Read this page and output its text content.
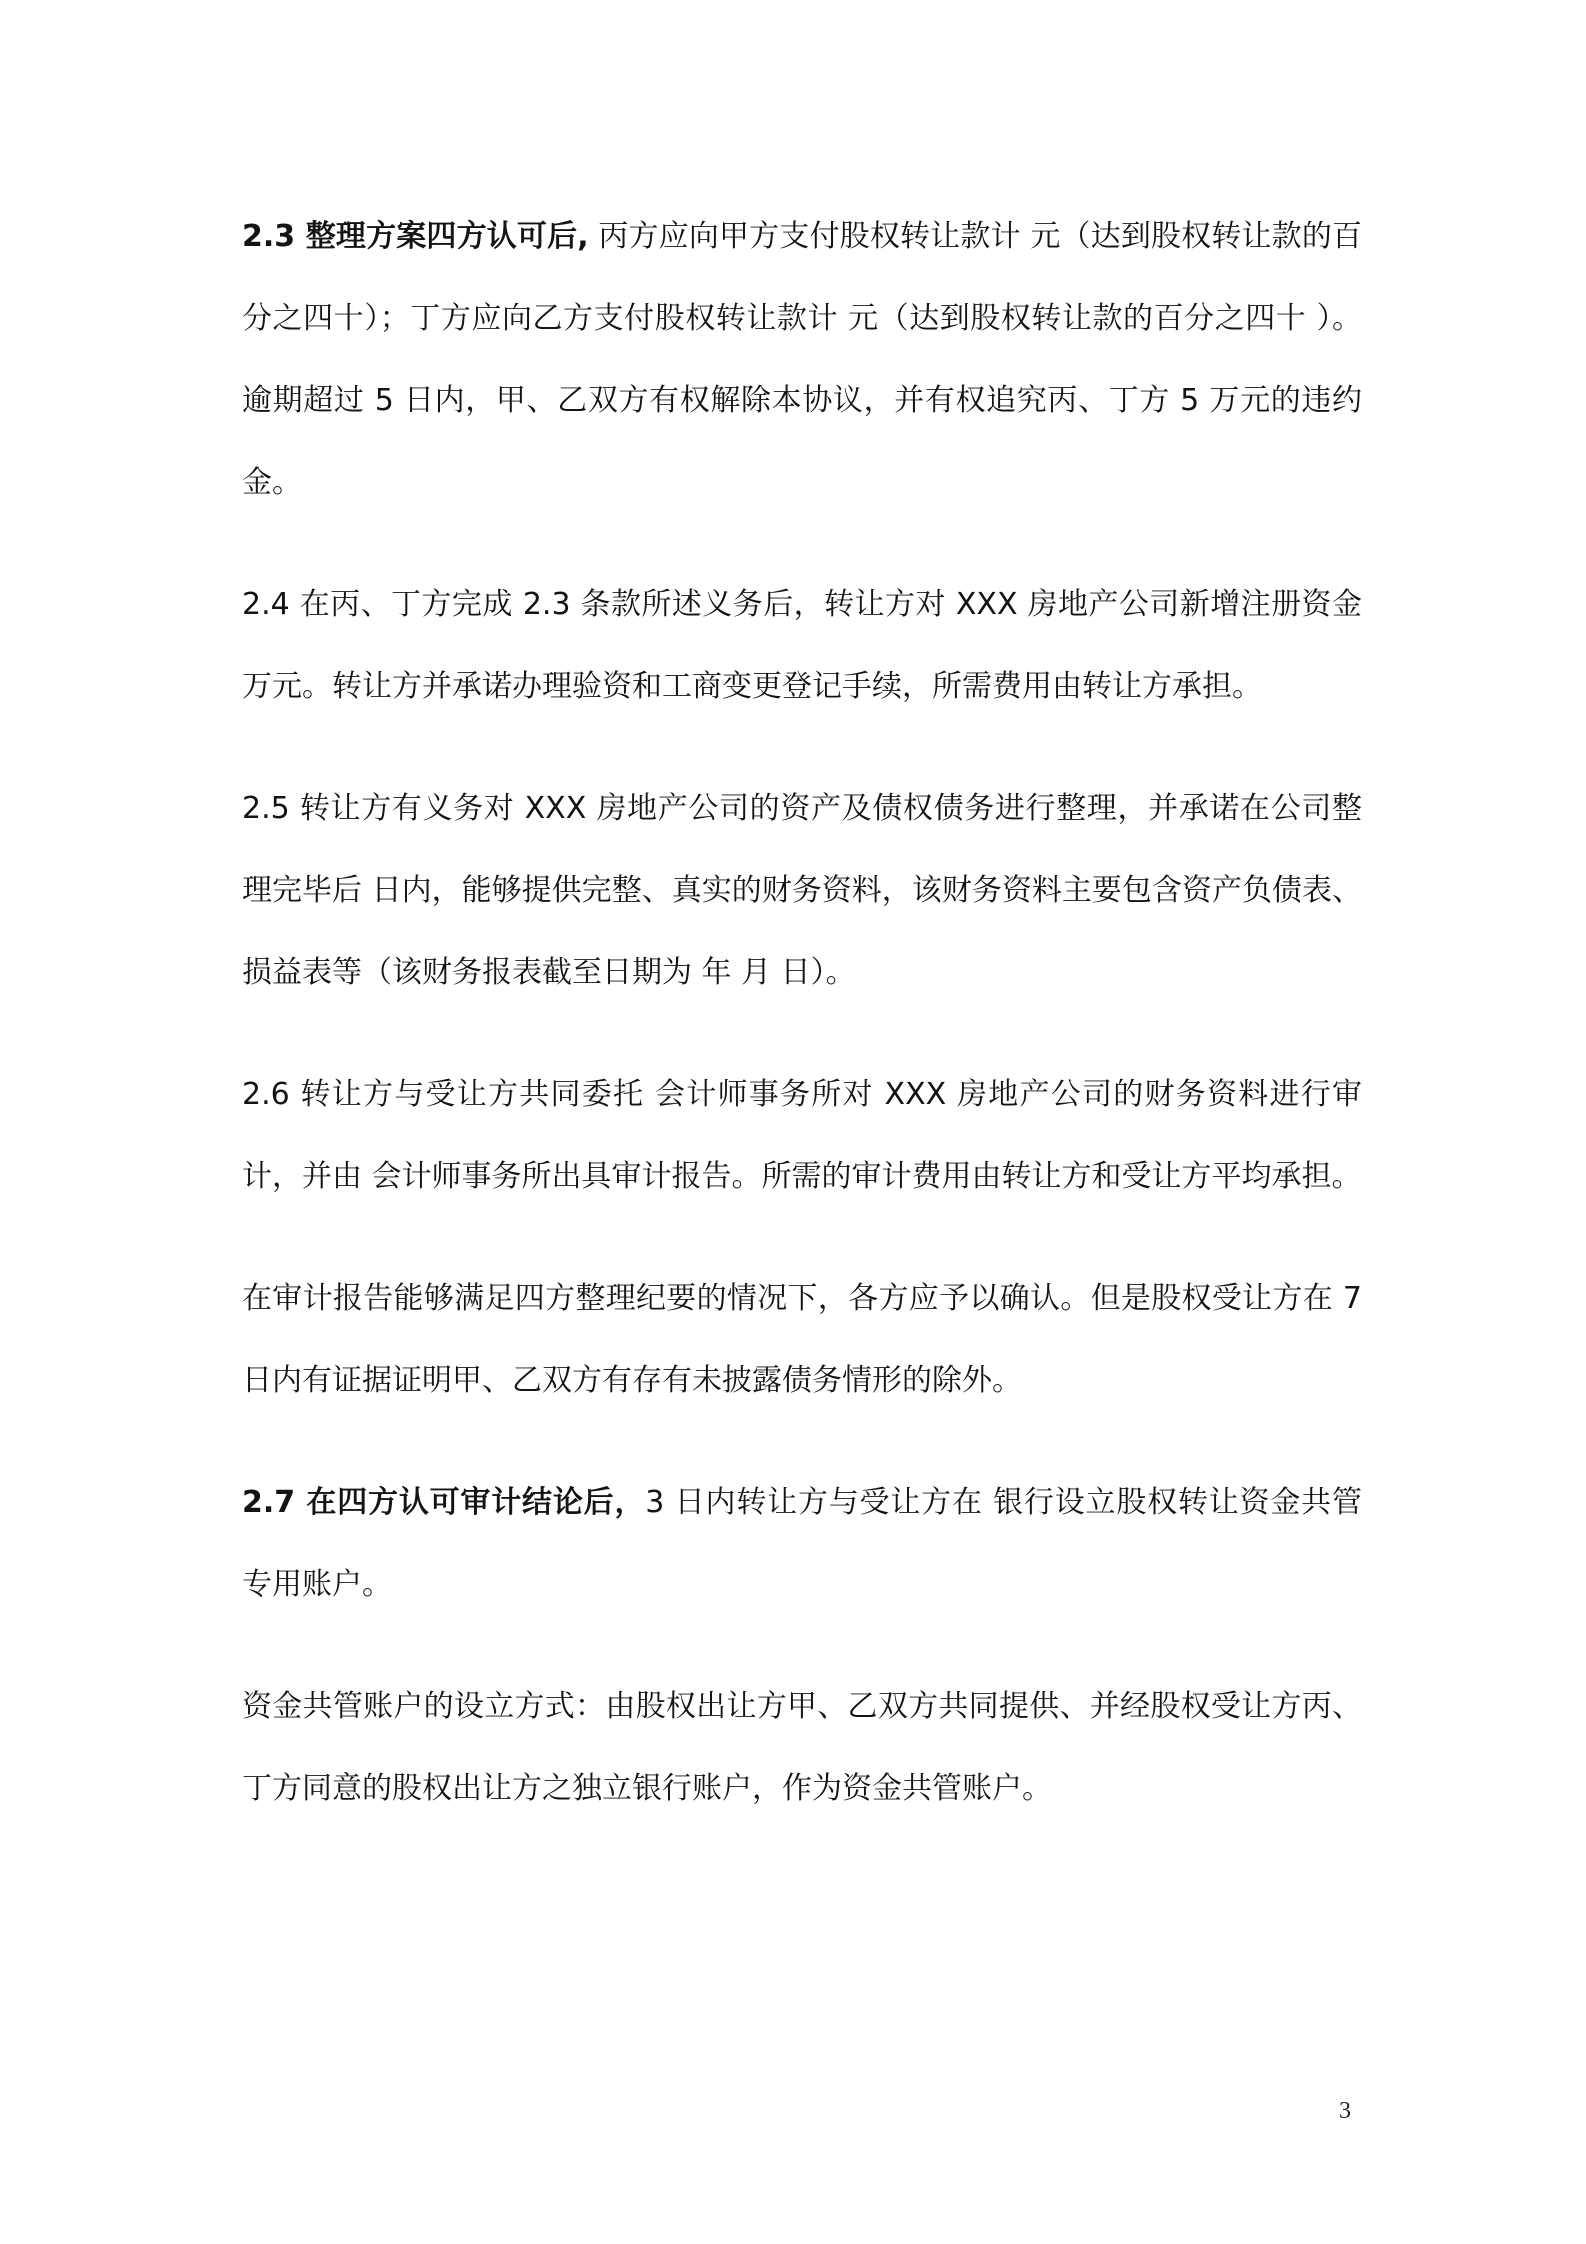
2.3 整理方案四方认可后, 丙方应向甲方支付股权转让款计 元（达到股权转让款的百分之四十）；丁方应向乙方支付股权转让款计 元（达到股权转让款的百分之四十 ）。 逾期超过 5 日内，甲、乙双方有权解除本协议，并有权追究丙、丁方 5 万元的违约金。

2.4 在丙、丁方完成 2.3 条款所述义务后，转让方对 XXX 房地产公司新增注册资金 万元。转让方并承诺办理验资和工商变更登记手续，所需费用由转让方承担。

2.5 转让方有义务对 XXX 房地产公司的资产及债权债务进行整理，并承诺在公司整理完毕后 日内，能够提供完整、真实的财务资料，该财务资料主要包含资产负债表、损益表等（该财务报表截至日期为 年 月 日）。

2.6 转让方与受让方共同委托 会计师事务所对 XXX 房地产公司的财务资料进行审计，并由 会计师事务所出具审计报告。所需的审计费用由转让方和受让方平均承担。

在审计报告能够满足四方整理纪要的情况下，各方应予以确认。但是股权受让方在 7 日内有证据证明甲、乙双方有存有未披露债务情形的除外。

2.7 在四方认可审计结论后，3 日内转让方与受让方在 银行设立股权转让资金共管专用账户。

资金共管账户的设立方式：由股权出让方甲、乙双方共同提供、并经股权受让方丙、丁方同意的股权出让方之独立银行账户，作为资金共管账户。

3
